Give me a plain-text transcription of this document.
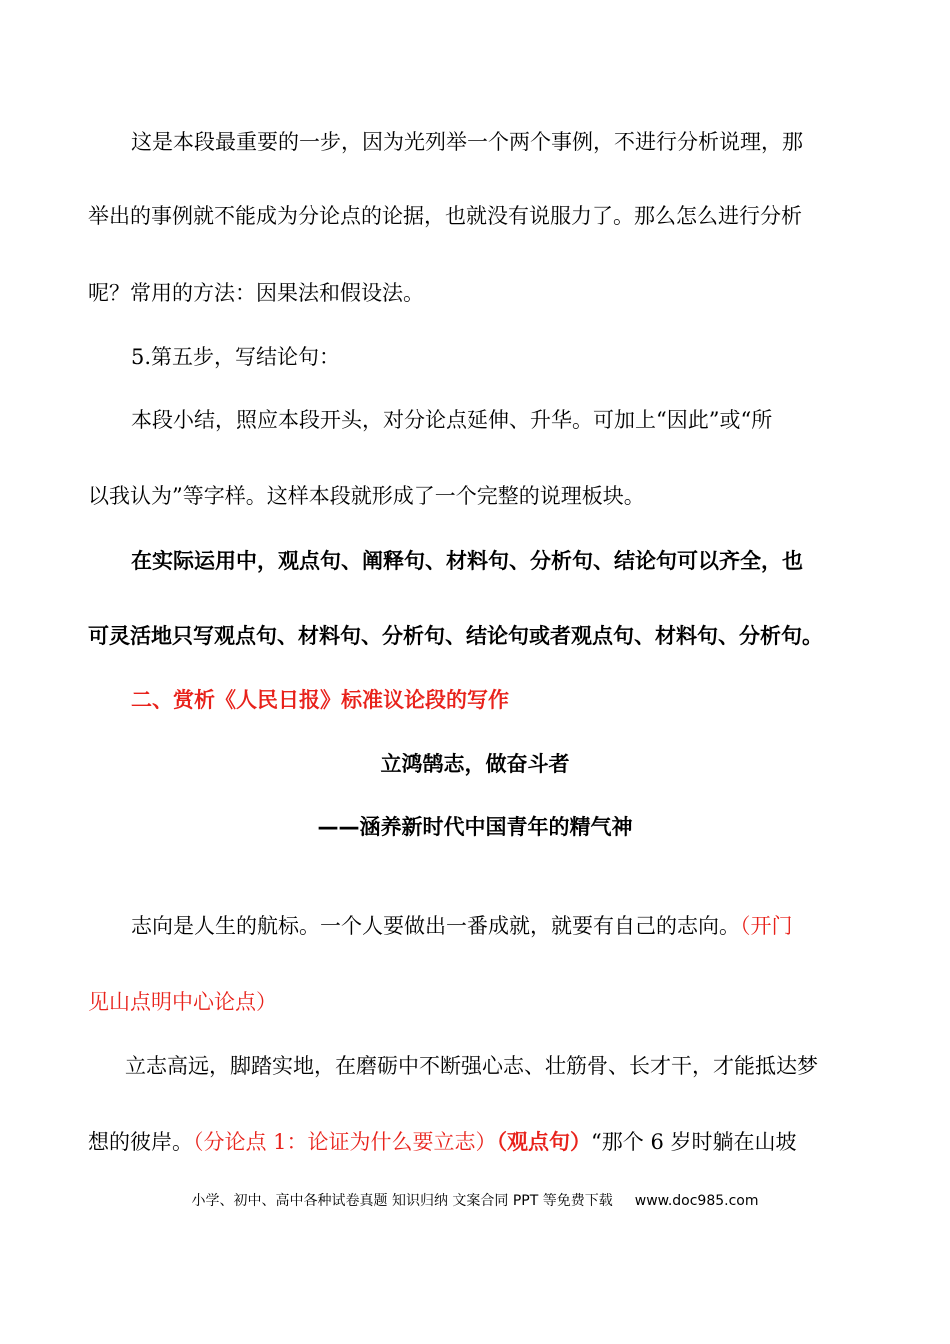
这是本段最重要的一步，因为光列举一个两个事例，不进行分析说理，那
举出的事例就不能成为分论点的论据，也就没有说服力了。那么怎么进行分析
呢？常用的方法：因果法和假设法。
5.第五步，写结论句：
本段小结，照应本段开头，对分论点延伸、升华。可加上“因此”或“所
以我认为”等字样。这样本段就形成了一个完整的说理板块。
在实际运用中，观点句、阐释句、材料句、分析句、结论句可以齐全，也
可灵活地只写观点句、材料句、分析句、结论句或者观点句、材料句、分析句。
二、赏析《人民日报》标准议论段的写作
立鸿鹄志，做奋斗者
——涵养新时代中国青年的精气神
志向是人生的航标。一个人要做出一番成就，就要有自己的志向。（开门
见山点明中心论点）
立志高远，脚踏实地，在磨砺中不断强心志、壮筋骨、长才干，才能抵达梦
想的彼岸。（分论点 1：论证为什么要立志）（观点句）“那个 6 岁时躺在山坡
小学、初中、高中各种试卷真题 知识归纳 文案合同 PPT 等免费下载 www.doc985.com
